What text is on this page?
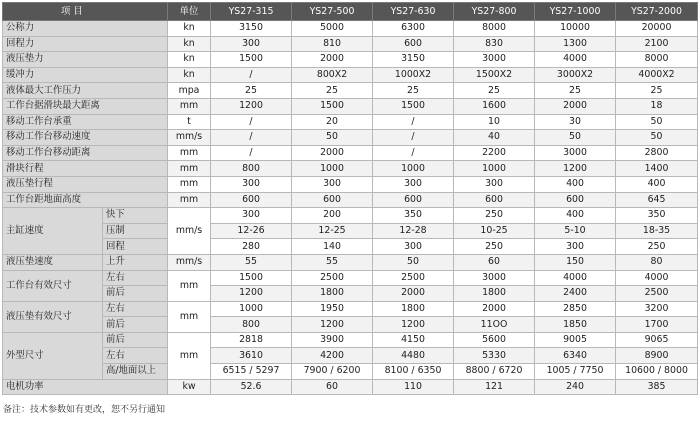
项 目		单位	YS27-315	YS27-500	YS27-630	YS27-800	YS27-1000	YS27-2000
公称力		kn	3150	5000	6300	8000	10000	20000
回程力		kn	300	810	600	830	1300	2100
液压垫力		kn	1500	2000	3150	3000	4000	8000
缓冲力		kn	/	800X2	1000X2	1500X2	3000X2	4000X2
液体最大工作压力		mpa	25	25	25	25	25	25
工作台据滑块最大距离		mm	1200	1500	1500	1600	2000	18
移动工作台承重		t	/	20	/	10	30	50
移动工作台移动速度		mm/s	/	50	/	40	50	50
移动工作台移动距离		mm	/	2000	/	2200	3000	2800
滑块行程		mm	800	1000	1000	1000	1200	1400
液压垫行程		mm	300	300	300	300	400	400
工作台距地面高度		mm	600	600	600	600	600	645
主缸速度	快下	mm/s	300	200	350	250	400	350
	压制		12-26	12-25	12-28	10-25	5-10	18-35
	回程		280	140	300	250	300	250
液压垫速度	上升	mm/s	55	55	50	60	150	80
工作台有效尺寸	左右	mm	1500	2500	2500	3000	4000	4000
	前后		1200	1800	2000	1800	2400	2500
液压垫有效尺寸	左右	mm	1000	1950	1800	2000	2850	3200
	前后		800	1200	1200	11OO	1850	1700
外型尺寸	前后	mm	2818	3900	4150	5600	9005	9065
	左右		3610	4200	4480	5330	6340	8900
	高/地面以上		6515 / 5297	7900 / 6200	8100 / 6350	8800 / 6720	1005 / 7750	10600 / 8000
电机功率		kw	52.6	60	110	121	240	385
备注：技术参数如有更改，恕不另行通知
